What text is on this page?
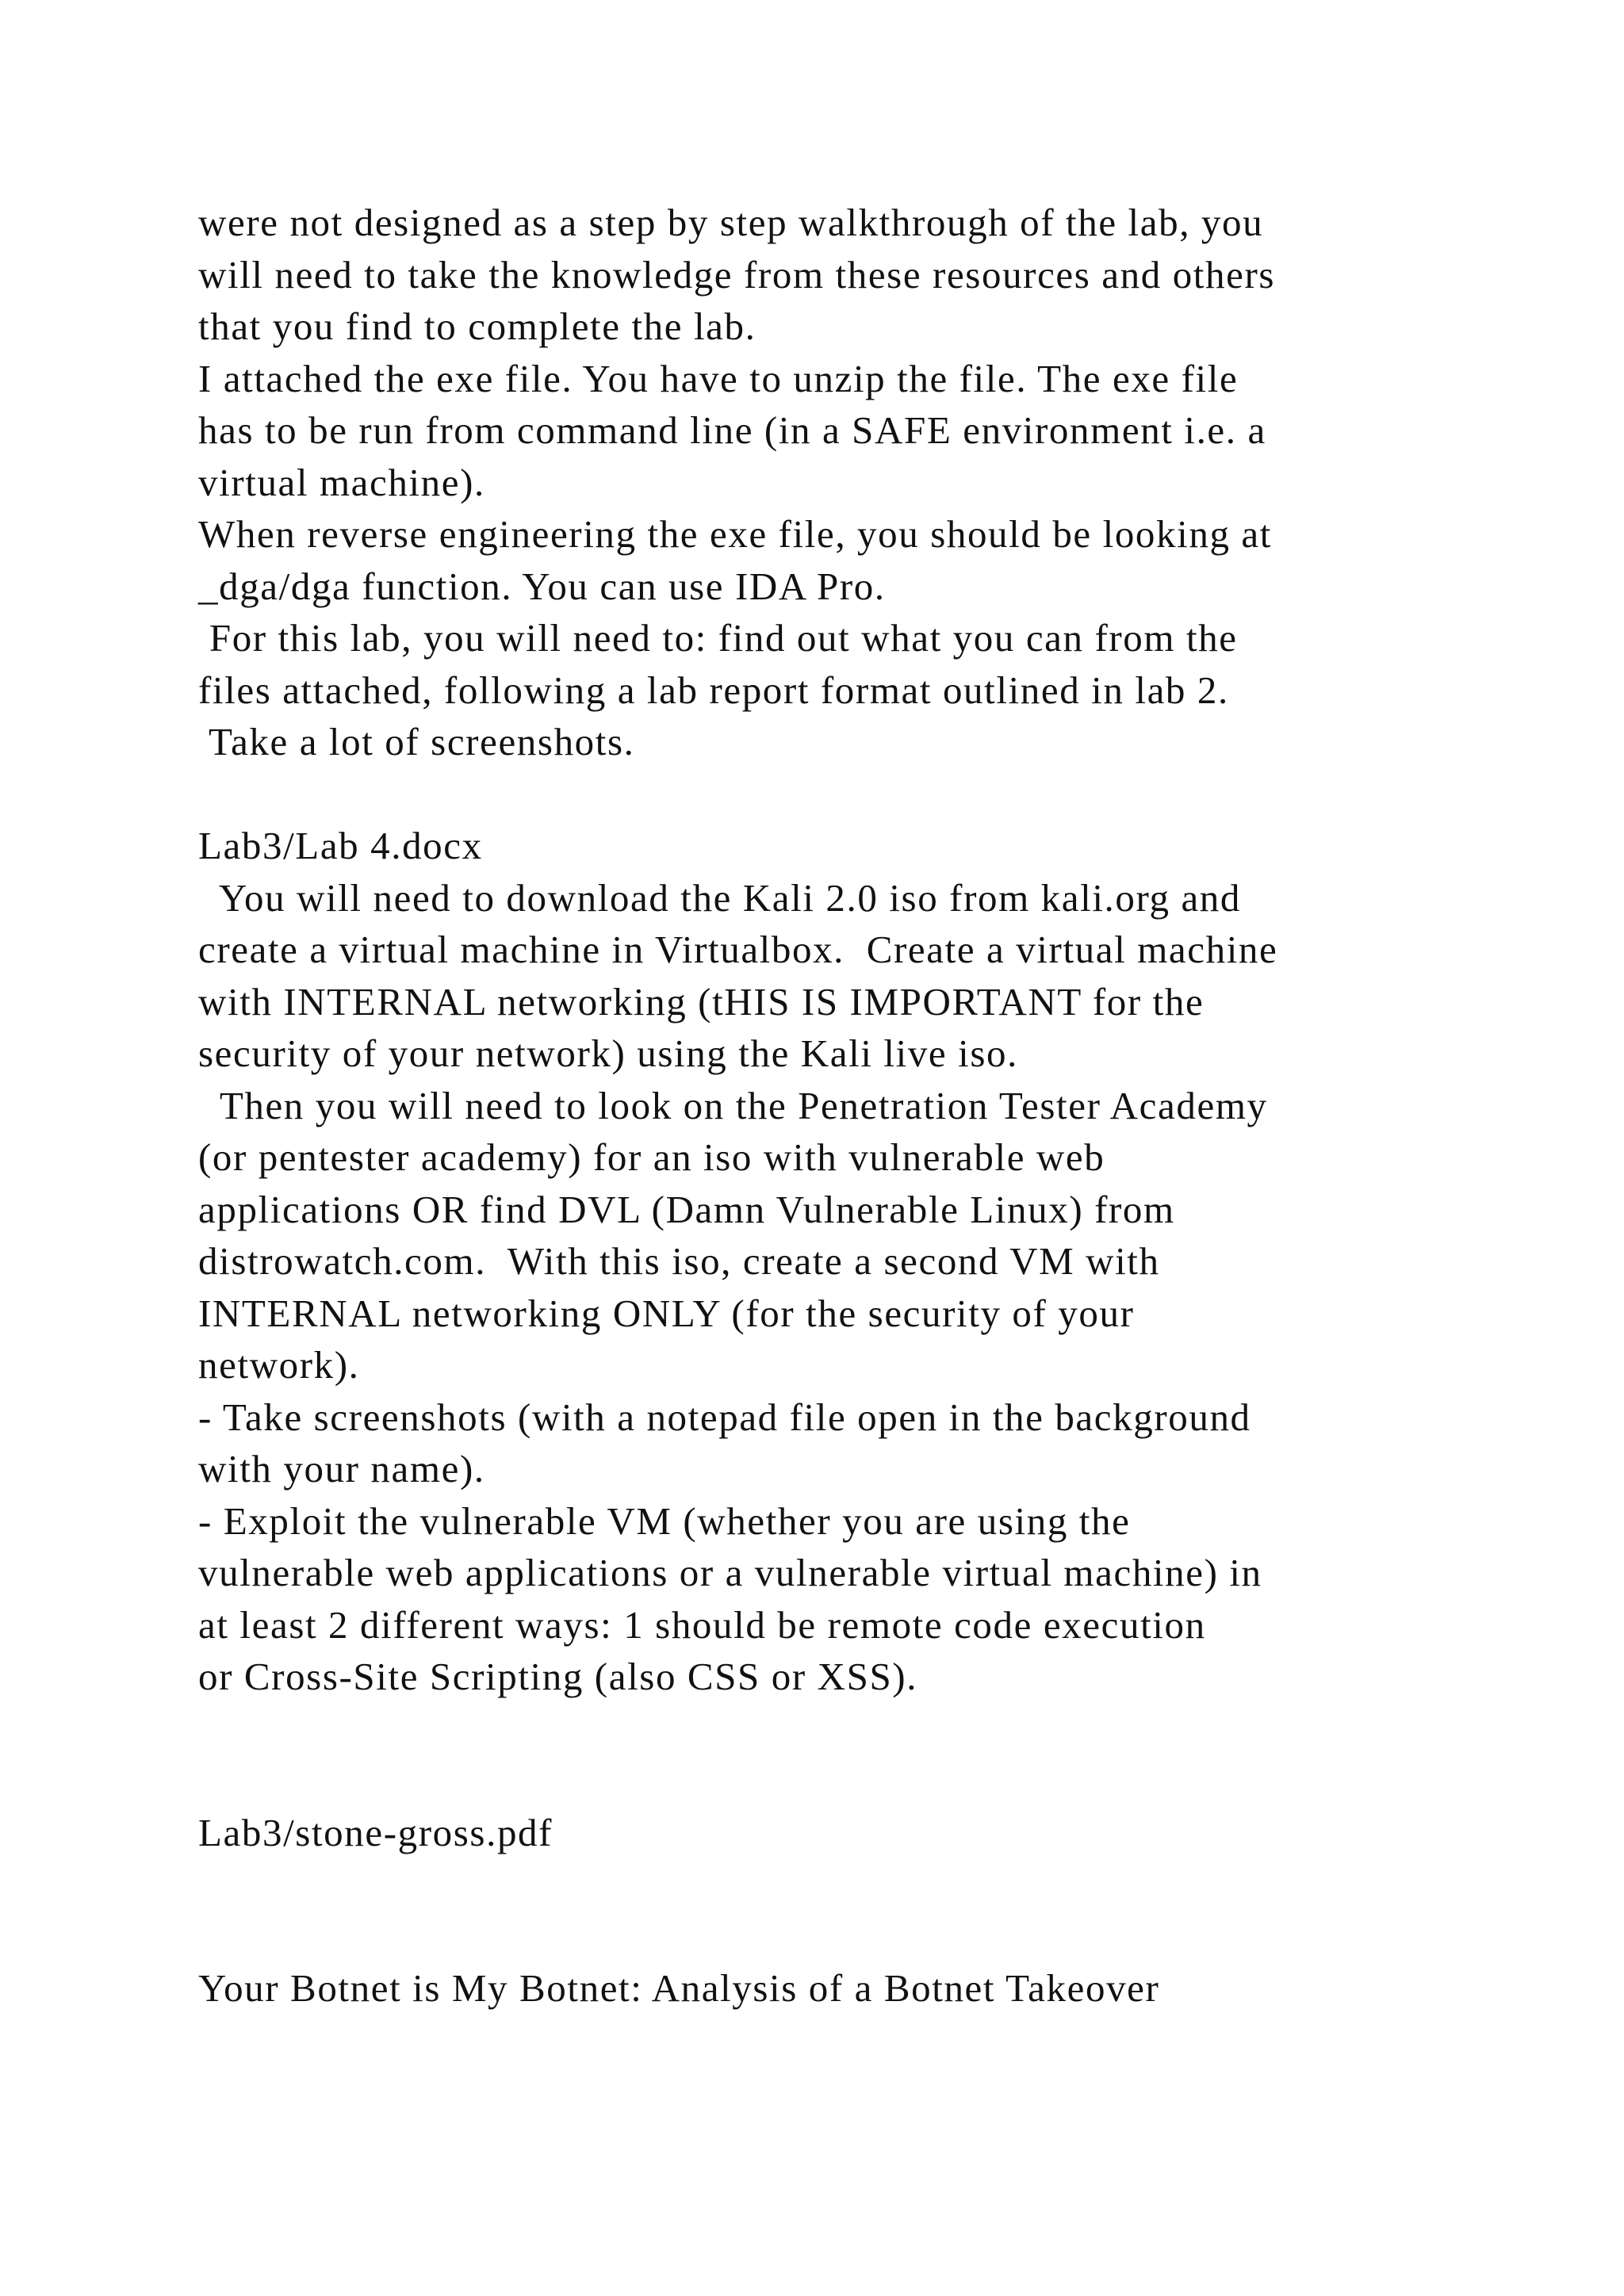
were not designed as a step by step walkthrough of the lab, you
will need to take the knowledge from these resources and others
that you find to complete the lab.
I attached the exe file. You have to unzip the file. The exe file
has to be run from command line (in a SAFE environment i.e. a
virtual machine).
When reverse engineering the exe file, you should be looking at
_dga/dga function. You can use IDA Pro.
For this lab, you will need to: find out what you can from the
files attached, following a lab report format outlined in lab 2.
Take a lot of screenshots.
Lab3/Lab 4.docx
You will need to download the Kali 2.0 iso from kali.org and
create a virtual machine in Virtualbox.  Create a virtual machine
with INTERNAL networking (tHIS IS IMPORTANT for the
security of your network) using the Kali live iso.
Then you will need to look on the Penetration Tester Academy
(or pentester academy) for an iso with vulnerable web
applications OR find DVL (Damn Vulnerable Linux) from
distrowatch.com.  With this iso, create a second VM with
INTERNAL networking ONLY (for the security of your
network).
- Take screenshots (with a notepad file open in the background
with your name).
- Exploit the vulnerable VM (whether you are using the
vulnerable web applications or a vulnerable virtual machine) in
at least 2 different ways: 1 should be remote code execution
or Cross-Site Scripting (also CSS or XSS).
Lab3/stone-gross.pdf
Your Botnet is My Botnet: Analysis of a Botnet Takeover
